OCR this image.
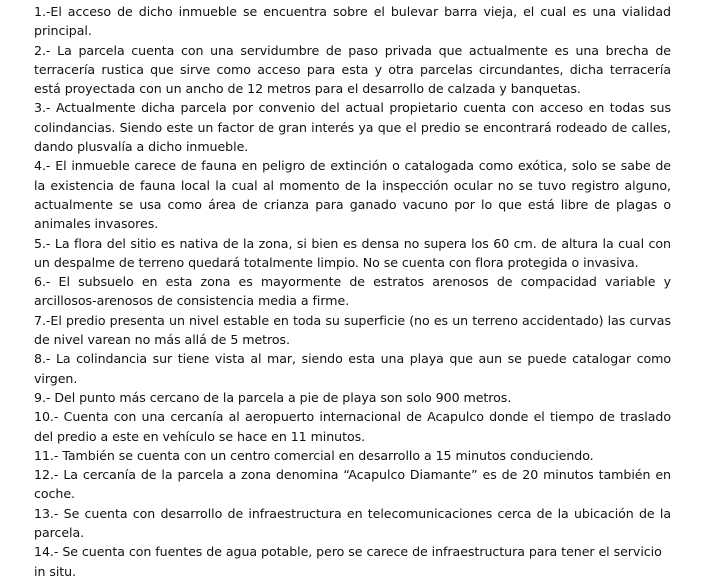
1.-El acceso de dicho inmueble se encuentra sobre el bulevar barra vieja, el cual es una vialidad principal.

2.- La parcela cuenta con una servidumbre de paso privada que actualmente es una brecha de terracería rustica que sirve como acceso para esta y otra parcelas circundantes, dicha terracería está proyectada con un ancho de 12 metros para el desarrollo de calzada y banquetas.

3.- Actualmente dicha parcela por convenio del actual propietario cuenta con acceso en todas sus colindancias. Siendo este un factor de gran interés ya que el predio se encontrará rodeado de calles, dando plusvalía a dicho inmueble.

4.- El inmueble carece de fauna en peligro de extinción o catalogada como exótica, solo se sabe de la existencia de fauna local la cual al momento de la inspección ocular no se tuvo registro alguno, actualmente se usa como área de crianza para ganado vacuno por lo que está libre de plagas o animales invasores.

5.- La flora del sitio es nativa de la zona, si bien es densa no supera los 60 cm. de altura la cual con un despalme de terreno quedará totalmente limpio. No se cuenta con flora protegida o invasiva.

6.- El subsuelo en esta zona es mayormente de estratos arenosos de compacidad variable y arcillosos-arenosos de consistencia media a firme.

7.-El predio presenta un nivel estable en toda su superficie (no es un terreno accidentado) las curvas de nivel varean no más allá de 5 metros.

8.- La colindancia sur tiene vista al mar, siendo esta una playa que aun se puede catalogar como virgen.

9.- Del punto más cercano de la parcela a pie de playa son solo 900 metros.

10.- Cuenta con una cercanía al aeropuerto internacional de Acapulco donde el tiempo de traslado del predio a este en vehículo se hace en 11 minutos.

11.- También se cuenta con un centro comercial en desarrollo a 15 minutos conduciendo.

12.- La cercanía de la parcela a zona denomina “Acapulco Diamante” es de 20 minutos también en coche.

13.- Se cuenta con desarrollo de infraestructura en telecomunicaciones cerca de la ubicación de la parcela.

14.- Se cuenta con fuentes de agua potable, pero se carece de infraestructura para tener el servicio in situ.
